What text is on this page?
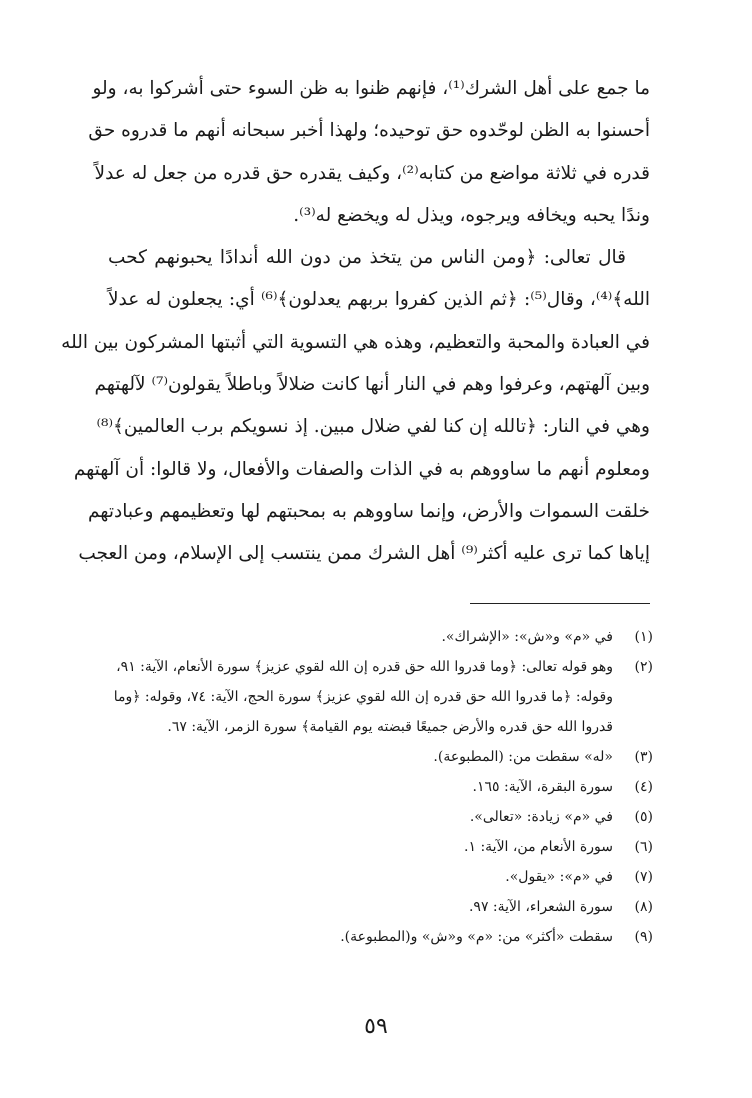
ما جمع على أهل الشرك⁽¹⁾، فإنهم ظنوا به ظن السوء حتى أشركوا به، ولو
أحسنوا به الظن لوحّدوه حق توحيده؛ ولهذا أخبر سبحانه أنهم ما قدروه حق
قدره في ثلاثة مواضع من كتابه⁽²⁾، وكيف يقدره حق قدره من جعل له عدلاً
وندًا يحبه ويخافه ويرجوه، ويذل له ويخضع له⁽³⁾.
قال تعالى: ﴿ومن الناس من يتخذ من دون الله أندادًا يحبونهم كحب
الله﴾⁽⁴⁾، وقال⁽⁵⁾: ﴿ثم الذين كفروا بربهم يعدلون﴾⁽⁶⁾ أي: يجعلون له عدلاً
في العبادة والمحبة والتعظيم، وهذه هي التسوية التي أثبتها المشركون بين الله
وبين آلهتهم، وعرفوا وهم في النار أنها كانت ضلالاً وباطلاً يقولون⁽⁷⁾ لآلهتهم
وهي في النار: ﴿تالله إن كنا لفي ضلال مبين. إذ نسويكم برب العالمين﴾⁽⁸⁾
ومعلوم أنهم ما ساووهم به في الذات والصفات والأفعال، ولا قالوا: أن آلهتهم
خلقت السموات والأرض، وإنما ساووهم به بمحبتهم لها وتعظيمهم وعبادتهم
إياها كما ترى عليه أكثر⁽⁹⁾ أهل الشرك ممن ينتسب إلى الإسلام، ومن العجب
(١)
في «م» و«ش»: «الإشراك».
(٢)
وهو قوله تعالى: ﴿وما قدروا الله حق قدره إن الله لقوي عزيز﴾ سورة الأنعام، الآية: ٩١،
وقوله: ﴿ما قدروا الله حق قدره إن الله لقوي عزيز﴾ سورة الحج، الآية: ٧٤، وقوله: ﴿وما
قدروا الله حق قدره والأرض جميعًا قبضته يوم القيامة﴾ سورة الزمر، الآية: ٦٧.
(٣)
«له» سقطت من: (المطبوعة).
(٤)
سورة البقرة، الآية: ١٦٥.
(٥)
في «م» زيادة: «تعالى».
(٦)
سورة الأنعام من، الآية: ١.
(٧)
في «م»: «يقول».
(٨)
سورة الشعراء، الآية: ٩٧.
(٩)
سقطت «أكثر» من: «م» و«ش» و(المطبوعة).
٥٩
